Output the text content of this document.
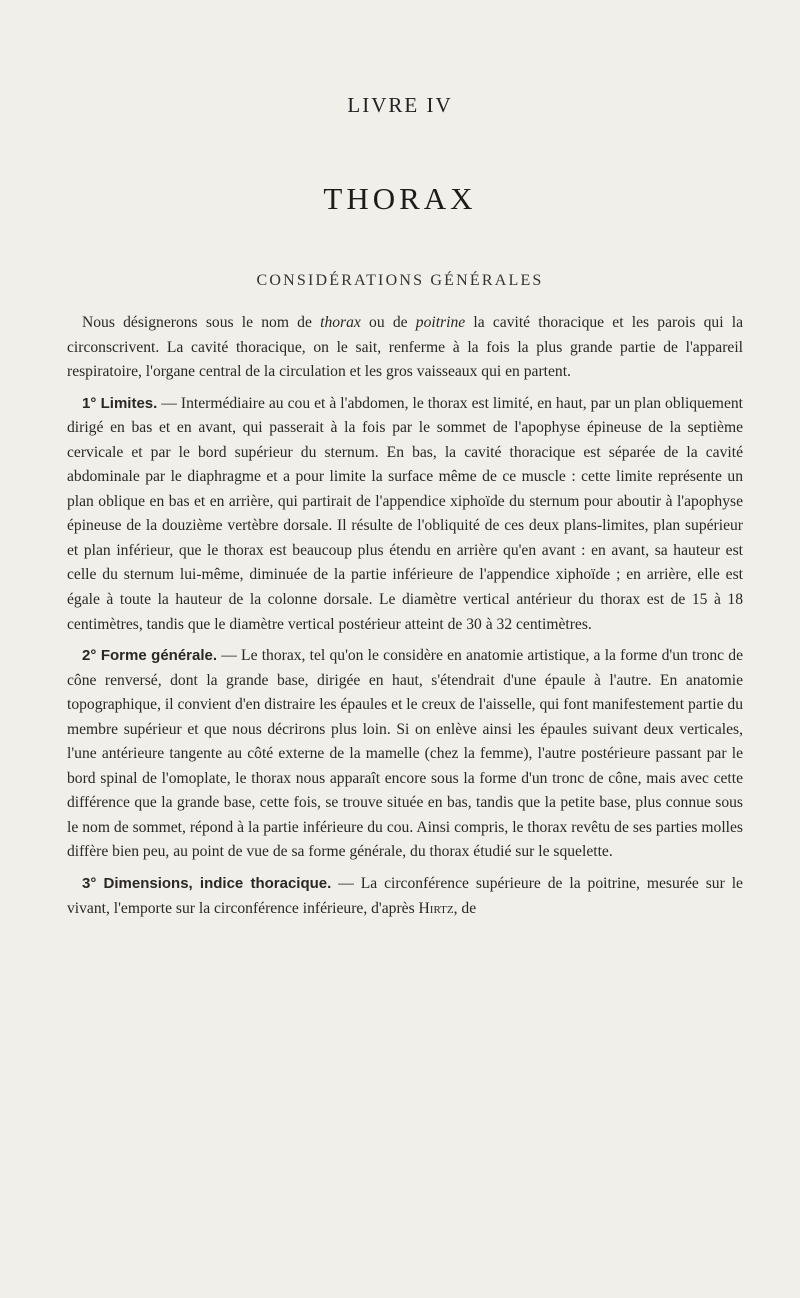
LIVRE IV
THORAX
CONSIDÉRATIONS GÉNÉRALES

Nous désignerons sous le nom de thorax ou de poitrine la cavité thoracique et les parois qui la circonscrivent. La cavité thoracique, on le sait, renferme à la fois la plus grande partie de l'appareil respiratoire, l'organe central de la circulation et les gros vaisseaux qui en partent.

1° Limites. — Intermédiaire au cou et à l'abdomen, le thorax est limité, en haut, par un plan obliquement dirigé en bas et en avant, qui passerait à la fois par le sommet de l'apophyse épineuse de la septième cervicale et par le bord supérieur du sternum. En bas, la cavité thoracique est séparée de la cavité abdominale par le diaphragme et a pour limite la surface même de ce muscle : cette limite représente un plan oblique en bas et en arrière, qui partirait de l'appendice xiphoïde du sternum pour aboutir à l'apophyse épineuse de la douzième vertèbre dorsale. Il résulte de l'obliquité de ces deux plans-limites, plan supérieur et plan inférieur, que le thorax est beaucoup plus étendu en arrière qu'en avant : en avant, sa hauteur est celle du sternum lui-même, diminuée de la partie inférieure de l'appendice xiphoïde ; en arrière, elle est égale à toute la hauteur de la colonne dorsale. Le diamètre vertical antérieur du thorax est de 15 à 18 centimètres, tandis que le diamètre vertical postérieur atteint de 30 à 32 centimètres.

2° Forme générale. — Le thorax, tel qu'on le considère en anatomie artistique, a la forme d'un tronc de cône renversé, dont la grande base, dirigée en haut, s'étendrait d'une épaule à l'autre. En anatomie topographique, il convient d'en distraire les épaules et le creux de l'aisselle, qui font manifestement partie du membre supérieur et que nous décrirons plus loin. Si on enlève ainsi les épaules suivant deux verticales, l'une antérieure tangente au côté externe de la mamelle (chez la femme), l'autre postérieure passant par le bord spinal de l'omoplate, le thorax nous apparaît encore sous la forme d'un tronc de cône, mais avec cette différence que la grande base, cette fois, se trouve située en bas, tandis que la petite base, plus connue sous le nom de sommet, répond à la partie inférieure du cou. Ainsi compris, le thorax revêtu de ses parties molles diffère bien peu, au point de vue de sa forme générale, du thorax étudié sur le squelette.

3° Dimensions, indice thoracique. — La circonférence supérieure de la poitrine, mesurée sur le vivant, l'emporte sur la circonférence inférieure, d'après Hirtz, de
